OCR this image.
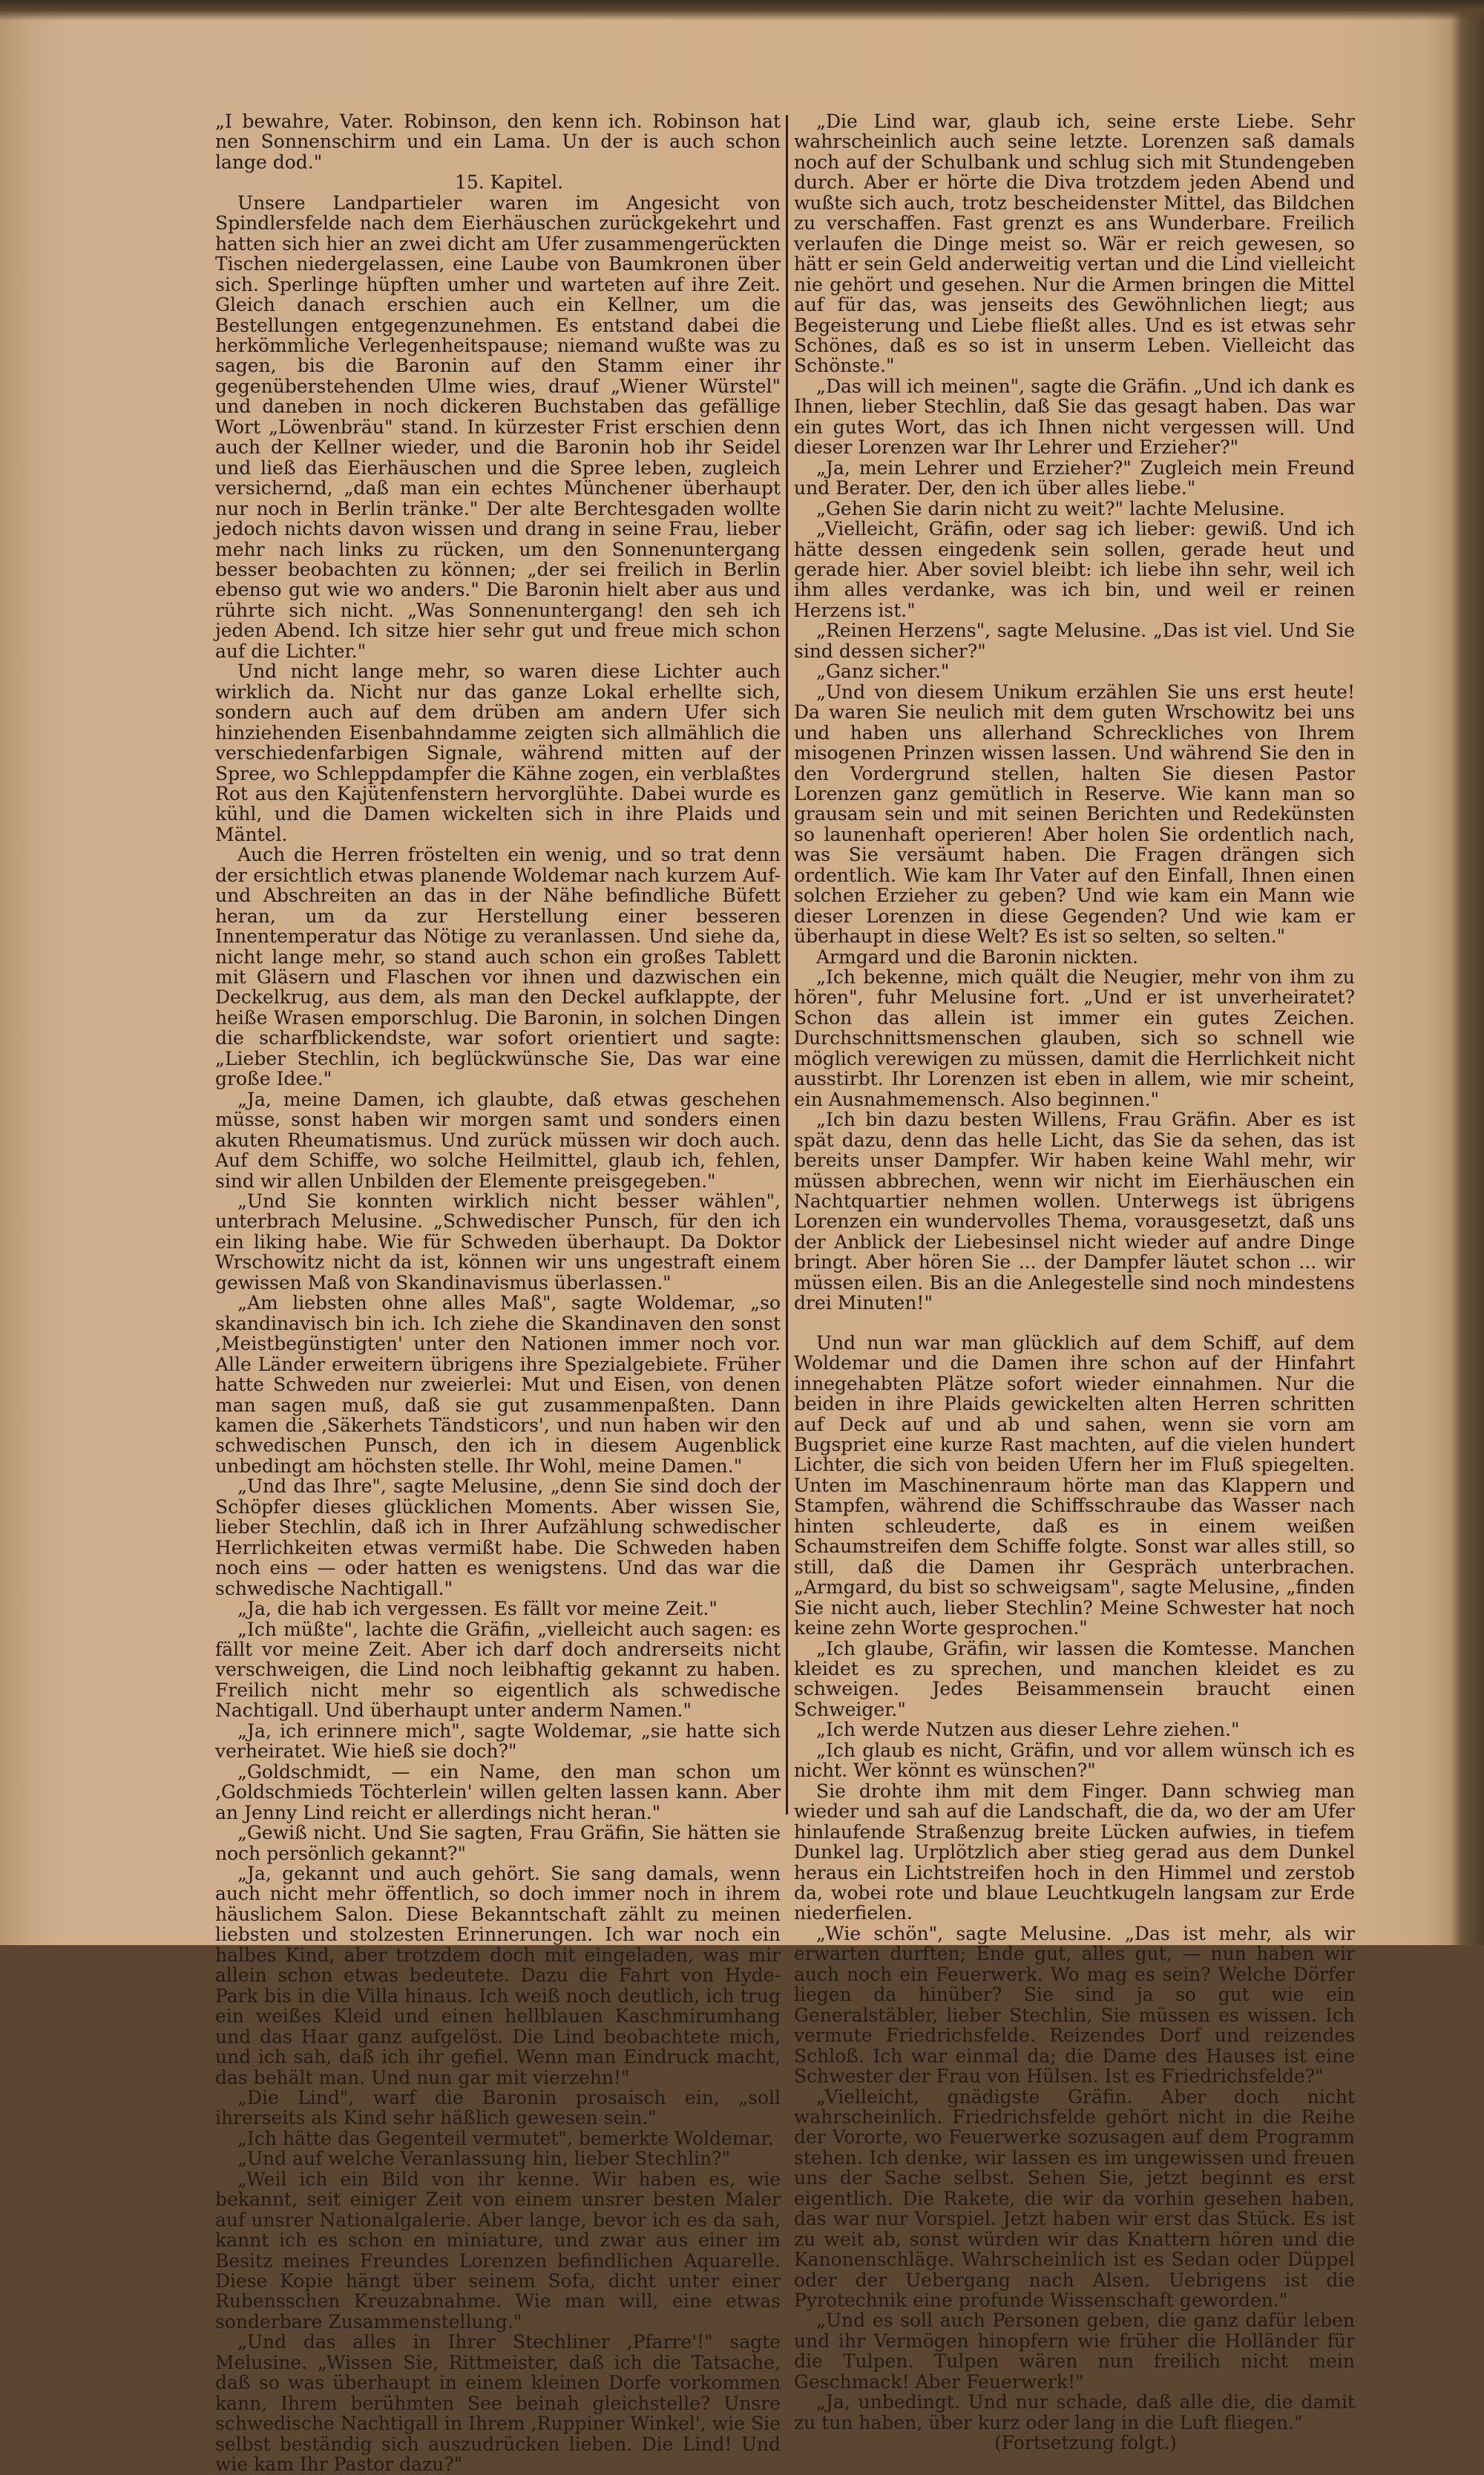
„I bewahre, Vater. Robinson, den kenn ich. Robinson hat nen Sonnenschirm und ein Lama. Un der is auch schon lange dod."

15. Kapitel.

Unsere Landpartieler waren im Angesicht von Spindlersfelde nach dem Eierhäuschen zurückgekehrt und hatten sich hier an zwei dicht am Ufer zusammengerückten Tischen niedergelassen, eine Laube von Baumkronen über sich. Sperlinge hüpften umher und warteten auf ihre Zeit. Gleich danach erschien auch ein Kellner, um die Bestellungen entgegenzunehmen. Es entstand dabei die herkömmliche Verlegenheitspause; niemand wußte was zu sagen, bis die Baronin auf den Stamm einer ihr gegenüberstehenden Ulme wies, drauf „Wiener Würstel" und daneben in noch dickeren Buchstaben das gefällige Wort „Löwenbräu" stand. In kürzester Frist erschien denn auch der Kellner wieder, und die Baronin hob ihr Seidel und ließ das Eierhäuschen und die Spree leben, zugleich versichernd, „daß man ein echtes Münchener überhaupt nur noch in Berlin tränke." Der alte Berchtesgaden wollte jedoch nichts davon wissen und drang in seine Frau, lieber mehr nach links zu rücken, um den Sonnenuntergang besser beobachten zu können; „der sei freilich in Berlin ebenso gut wie wo anders." Die Baronin hielt aber aus und rührte sich nicht. „Was Sonnenuntergang! den seh ich jeden Abend. Ich sitze hier sehr gut und freue mich schon auf die Lichter."

Und nicht lange mehr, so waren diese Lichter auch wirklich da. Nicht nur das ganze Lokal erhellte sich, sondern auch auf dem drüben am andern Ufer sich hinziehenden Eisenbahndamme zeigten sich allmählich die verschiedenfarbigen Signale, während mitten auf der Spree, wo Schleppdampfer die Kähne zogen, ein verblaßtes Rot aus den Kajütenfenstern hervorglühte. Dabei wurde es kühl, und die Damen wickelten sich in ihre Plaids und Mäntel.

Auch die Herren fröstelten ein wenig, und so trat denn der ersichtlich etwas planende Woldemar nach kurzem Auf- und Abschreiten an das in der Nähe befindliche Büfett heran, um da zur Herstellung einer besseren Innentemperatur das Nötige zu veranlassen. Und siehe da, nicht lange mehr, so stand auch schon ein großes Tablett mit Gläsern und Flaschen vor ihnen und dazwischen ein Deckelkrug, aus dem, als man den Deckel aufklappte, der heiße Wrasen emporschlug. Die Baronin, in solchen Dingen die scharfblickendste, war sofort orientiert und sagte: „Lieber Stechlin, ich beglückwünsche Sie, Das war eine große Idee."

„Ja, meine Damen, ich glaubte, daß etwas geschehen müsse, sonst haben wir morgen samt und sonders einen akuten Rheumatismus. Und zurück müssen wir doch auch. Auf dem Schiffe, wo solche Heilmittel, glaub ich, fehlen, sind wir allen Unbilden der Elemente preisgegeben."

„Und Sie konnten wirklich nicht besser wählen", unterbrach Melusine. „Schwedischer Punsch, für den ich ein liking habe. Wie für Schweden überhaupt. Da Doktor Wrschowitz nicht da ist, können wir uns ungestraft einem gewissen Maß von Skandinavismus überlassen."

„Am liebsten ohne alles Maß", sagte Woldemar, „so skandinavisch bin ich. Ich ziehe die Skandinaven den sonst ‚Meistbegünstigten' unter den Nationen immer noch vor. Alle Länder erweitern übrigens ihre Spezialgebiete. Früher hatte Schweden nur zweierlei: Mut und Eisen, von denen man sagen muß, daß sie gut zusammenpaßten. Dann kamen die ‚Säkerhets Tändsticors', und nun haben wir den schwedischen Punsch, den ich in diesem Augenblick unbedingt am höchsten stelle. Ihr Wohl, meine Damen."

„Und das Ihre", sagte Melusine, „denn Sie sind doch der Schöpfer dieses glücklichen Moments. Aber wissen Sie, lieber Stechlin, daß ich in Ihrer Aufzählung schwedischer Herrlichkeiten etwas vermißt habe. Die Schweden haben noch eins — oder hatten es wenigstens. Und das war die schwedische Nachtigall."

„Ja, die hab ich vergessen. Es fällt vor meine Zeit."

„Ich müßte", lachte die Gräfin, „vielleicht auch sagen: es fällt vor meine Zeit. Aber ich darf doch andrerseits nicht verschweigen, die Lind noch leibhaftig gekannt zu haben. Freilich nicht mehr so eigentlich als schwedische Nachtigall. Und überhaupt unter anderm Namen."

„Ja, ich erinnere mich", sagte Woldemar, „sie hatte sich verheiratet. Wie hieß sie doch?"

„Goldschmidt, — ein Name, den man schon um ‚Goldschmieds Töchterlein' willen gelten lassen kann. Aber an Jenny Lind reicht er allerdings nicht heran."

„Gewiß nicht. Und Sie sagten, Frau Gräfin, Sie hätten sie noch persönlich gekannt?"

„Ja, gekannt und auch gehört. Sie sang damals, wenn auch nicht mehr öffentlich, so doch immer noch in ihrem häuslichem Salon. Diese Bekanntschaft zählt zu meinen liebsten und stolzesten Erinnerungen. Ich war noch ein halbes Kind, aber trotzdem doch mit eingeladen, was mir allein schon etwas bedeutete. Dazu die Fahrt von Hyde-Park bis in die Villa hinaus. Ich weiß noch deutlich, ich trug ein weißes Kleid und einen hellblauen Kaschmirumhang und das Haar ganz aufgelöst. Die Lind beobachtete mich, und ich sah, daß ich ihr gefiel. Wenn man Eindruck macht, das behält man. Und nun gar mit vierzehn!"

„Die Lind", warf die Baronin prosaisch ein, „soll ihrerseits als Kind sehr häßlich gewesen sein."

„Ich hätte das Gegenteil vermutet", bemerkte Woldemar.

„Und auf welche Veranlassung hin, lieber Stechlin?"

„Weil ich ein Bild von ihr kenne. Wir haben es, wie bekannt, seit einiger Zeit von einem unsrer besten Maler auf unsrer Nationalgalerie. Aber lange, bevor ich es da sah, kannt ich es schon en miniature, und zwar aus einer im Besitz meines Freundes Lorenzen befindlichen Aquarelle. Diese Kopie hängt über seinem Sofa, dicht unter einer Rubensschen Kreuzabnahme. Wie man will, eine etwas sonderbare Zusammenstellung."

„Und das alles in Ihrer Stechliner ‚Pfarre'!" sagte Melusine. „Wissen Sie, Rittmeister, daß ich die Tatsache, daß so was überhaupt in einem kleinen Dorfe vorkommen kann, Ihrem berühmten See beinah gleichstelle? Unsre schwedische Nachtigall in Ihrem ‚Ruppiner Winkel', wie Sie selbst beständig sich auszudrücken lieben. Die Lind! Und wie kam Ihr Pastor dazu?"

„Die Lind war, glaub ich, seine erste Liebe. Sehr wahrscheinlich auch seine letzte. Lorenzen saß damals noch auf der Schulbank und schlug sich mit Stundengeben durch. Aber er hörte die Diva trotzdem jeden Abend und wußte sich auch, trotz bescheidenster Mittel, das Bildchen zu verschaffen. Fast grenzt es ans Wunderbare. Freilich verlaufen die Dinge meist so. Wär er reich gewesen, so hätt er sein Geld anderweitig vertan und die Lind vielleicht nie gehört und gesehen. Nur die Armen bringen die Mittel auf für das, was jenseits des Gewöhnlichen liegt; aus Begeisterung und Liebe fließt alles. Und es ist etwas sehr Schönes, daß es so ist in unserm Leben. Vielleicht das Schönste."

„Das will ich meinen", sagte die Gräfin. „Und ich dank es Ihnen, lieber Stechlin, daß Sie das gesagt haben. Das war ein gutes Wort, das ich Ihnen nicht vergessen will. Und dieser Lorenzen war Ihr Lehrer und Erzieher?"

„Ja, mein Lehrer und Erzieher?" Zugleich mein Freund und Berater. Der, den ich über alles liebe."

„Gehen Sie darin nicht zu weit?" lachte Melusine.

„Vielleicht, Gräfin, oder sag ich lieber: gewiß. Und ich hätte dessen eingedenk sein sollen, gerade heut und gerade hier. Aber soviel bleibt: ich liebe ihn sehr, weil ich ihm alles verdanke, was ich bin, und weil er reinen Herzens ist."

„Reinen Herzens", sagte Melusine. „Das ist viel. Und Sie sind dessen sicher?"

„Ganz sicher."

„Und von diesem Unikum erzählen Sie uns erst heute! Da waren Sie neulich mit dem guten Wrschowitz bei uns und haben uns allerhand Schreckliches von Ihrem misogenen Prinzen wissen lassen. Und während Sie den in den Vordergrund stellen, halten Sie diesen Pastor Lorenzen ganz gemütlich in Reserve. Wie kann man so grausam sein und mit seinen Berichten und Redekünsten so launenhaft operieren! Aber holen Sie ordentlich nach, was Sie versäumt haben. Die Fragen drängen sich ordentlich. Wie kam Ihr Vater auf den Einfall, Ihnen einen solchen Erzieher zu geben? Und wie kam ein Mann wie dieser Lorenzen in diese Gegenden? Und wie kam er überhaupt in diese Welt? Es ist so selten, so selten."

Armgard und die Baronin nickten.

„Ich bekenne, mich quält die Neugier, mehr von ihm zu hören", fuhr Melusine fort. „Und er ist unverheiratet? Schon das allein ist immer ein gutes Zeichen. Durchschnittsmenschen glauben, sich so schnell wie möglich verewigen zu müssen, damit die Herrlichkeit nicht ausstirbt. Ihr Lorenzen ist eben in allem, wie mir scheint, ein Ausnahmemensch. Also beginnen."

„Ich bin dazu besten Willens, Frau Gräfin. Aber es ist spät dazu, denn das helle Licht, das Sie da sehen, das ist bereits unser Dampfer. Wir haben keine Wahl mehr, wir müssen abbrechen, wenn wir nicht im Eierhäuschen ein Nachtquartier nehmen wollen. Unterwegs ist übrigens Lorenzen ein wundervolles Thema, vorausgesetzt, daß uns der Anblick der Liebesinsel nicht wieder auf andre Dinge bringt. Aber hören Sie ... der Dampfer läutet schon ... wir müssen eilen. Bis an die Anlegestelle sind noch mindestens drei Minuten!"

Und nun war man glücklich auf dem Schiff, auf dem Woldemar und die Damen ihre schon auf der Hinfahrt innegehabten Plätze sofort wieder einnahmen. Nur die beiden in ihre Plaids gewickelten alten Herren schritten auf Deck auf und ab und sahen, wenn sie vorn am Bugspriet eine kurze Rast machten, auf die vielen hundert Lichter, die sich von beiden Ufern her im Fluß spiegelten. Unten im Maschinenraum hörte man das Klappern und Stampfen, während die Schiffsschraube das Wasser nach hinten schleuderte, daß es in einem weißen Schaumstreifen dem Schiffe folgte. Sonst war alles still, so still, daß die Damen ihr Gespräch unterbrachen. „Armgard, du bist so schweigsam", sagte Melusine, „finden Sie nicht auch, lieber Stechlin? Meine Schwester hat noch keine zehn Worte gesprochen."

„Ich glaube, Gräfin, wir lassen die Komtesse. Manchen kleidet es zu sprechen, und manchen kleidet es zu schweigen. Jedes Beisammensein braucht einen Schweiger."

„Ich werde Nutzen aus dieser Lehre ziehen."

„Ich glaub es nicht, Gräfin, und vor allem wünsch ich es nicht. Wer könnt es wünschen?"

Sie drohte ihm mit dem Finger. Dann schwieg man wieder und sah auf die Landschaft, die da, wo der am Ufer hinlaufende Straßenzug breite Lücken aufwies, in tiefem Dunkel lag. Urplötzlich aber stieg gerad aus dem Dunkel heraus ein Lichtstreifen hoch in den Himmel und zerstob da, wobei rote und blaue Leuchtkugeln langsam zur Erde niederfielen.

„Wie schön", sagte Melusine. „Das ist mehr, als wir erwarten durften; Ende gut, alles gut, — nun haben wir auch noch ein Feuerwerk. Wo mag es sein? Welche Dörfer liegen da hinüber? Sie sind ja so gut wie ein Generalstäbler, lieber Stechlin, Sie müssen es wissen. Ich vermute Friedrichsfelde. Reizendes Dorf und reizendes Schloß. Ich war einmal da; die Dame des Hauses ist eine Schwester der Frau von Hülsen. Ist es Friedrichsfelde?"

„Vielleicht, gnädigste Gräfin. Aber doch nicht wahrscheinlich. Friedrichsfelde gehört nicht in die Reihe der Vororte, wo Feuerwerke sozusagen auf dem Programm stehen. Ich denke, wir lassen es im ungewissen und freuen uns der Sache selbst. Sehen Sie, jetzt beginnt es erst eigentlich. Die Rakete, die wir da vorhin gesehen haben, das war nur Vorspiel. Jetzt haben wir erst das Stück. Es ist zu weit ab, sonst würden wir das Knattern hören und die Kanonenschläge. Wahrscheinlich ist es Sedan oder Düppel oder der Uebergang nach Alsen. Uebrigens ist die Pyrotechnik eine profunde Wissenschaft geworden."

„Und es soll auch Personen geben, die ganz dafür leben und ihr Vermögen hinopfern wie früher die Holländer für die Tulpen. Tulpen wären nun freilich nicht mein Geschmack! Aber Feuerwerk!"

„Ja, unbedingt. Und nur schade, daß alle die, die damit zu tun haben, über kurz oder lang in die Luft fliegen."

(Fortsetzung folgt.)
